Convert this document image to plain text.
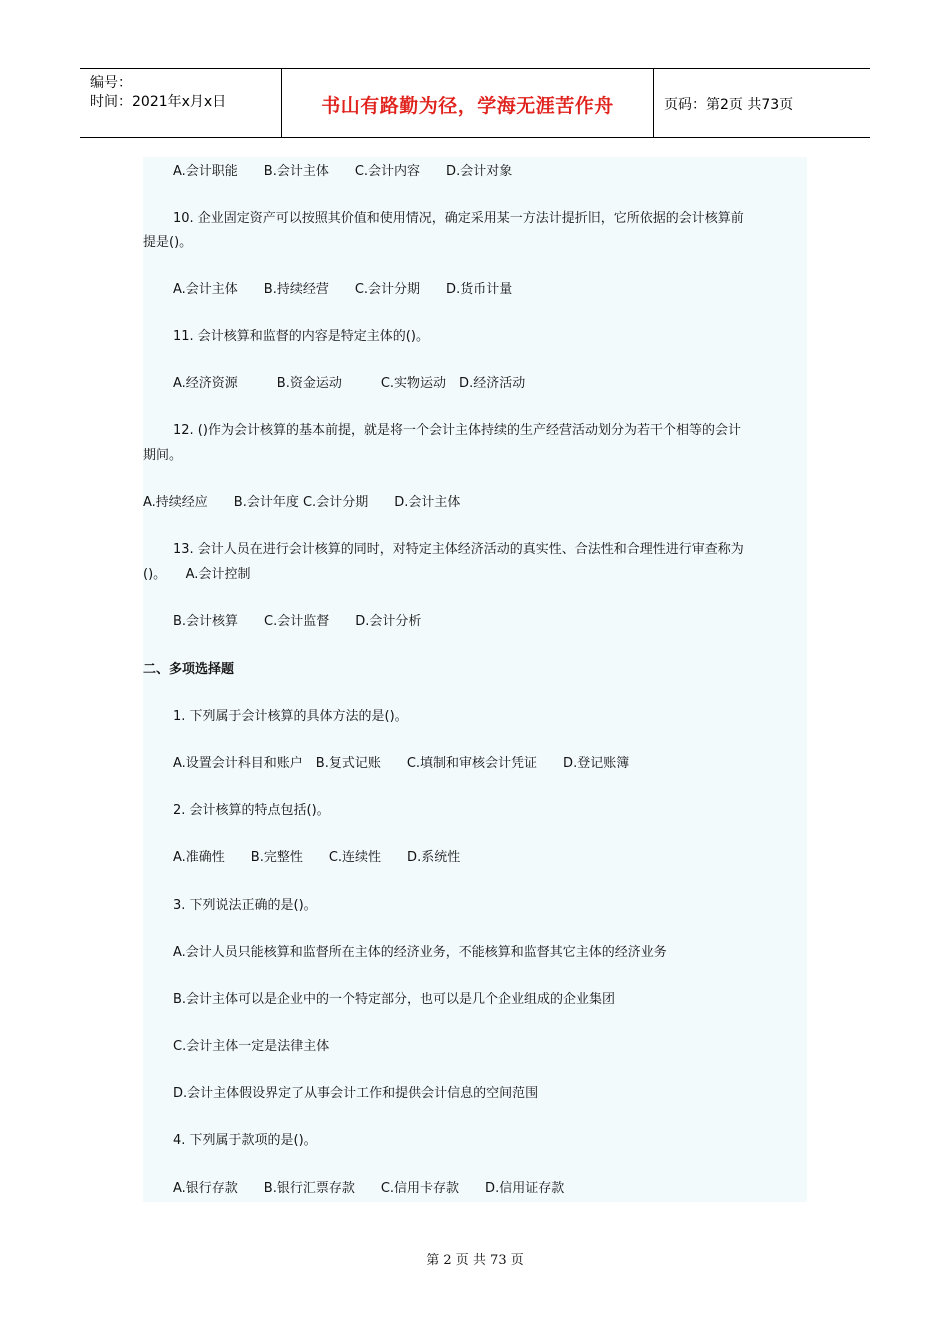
编号：
时间：2021年x月x日	书山有路勤为径，学海无涯苦作舟	页码：第2页 共73页
A.会计职能　　B.会计主体　　C.会计内容　　D.会计对象
10. 企业固定资产可以按照其价值和使用情况，确定采用某一方法计提折旧，它所依据的会计核算前
提是()。
A.会计主体　　B.持续经营　　C.会计分期　　D.货币计量
11. 会计核算和监督的内容是特定主体的()。
A.经济资源　　　B.资金运动　　　C.实物运动　D.经济活动
12. ()作为会计核算的基本前提，就是将一个会计主体持续的生产经营活动划分为若干个相等的会计
期间。
A.持续经应　　B.会计年度 C.会计分期　　D.会计主体
13. 会计人员在进行会计核算的同时，对特定主体经济活动的真实性、合法性和合理性进行审查称为
()。　　A.会计控制
B.会计核算　　C.会计监督　　D.会计分析
二、多项选择题
1. 下列属于会计核算的具体方法的是()。
A.设置会计科目和账户　B.复式记账　　C.填制和审核会计凭证　　D.登记账簿
2. 会计核算的特点包括()。
A.准确性　　B.完整性　　C.连续性　　D.系统性
3. 下列说法正确的是()。
A.会计人员只能核算和监督所在主体的经济业务，不能核算和监督其它主体的经济业务
B.会计主体可以是企业中的一个特定部分，也可以是几个企业组成的企业集团
C.会计主体一定是法律主体
D.会计主体假设界定了从事会计工作和提供会计信息的空间范围
4. 下列属于款项的是()。
A.银行存款　　B.银行汇票存款　　C.信用卡存款　　D.信用证存款
第 2 页 共 73 页
